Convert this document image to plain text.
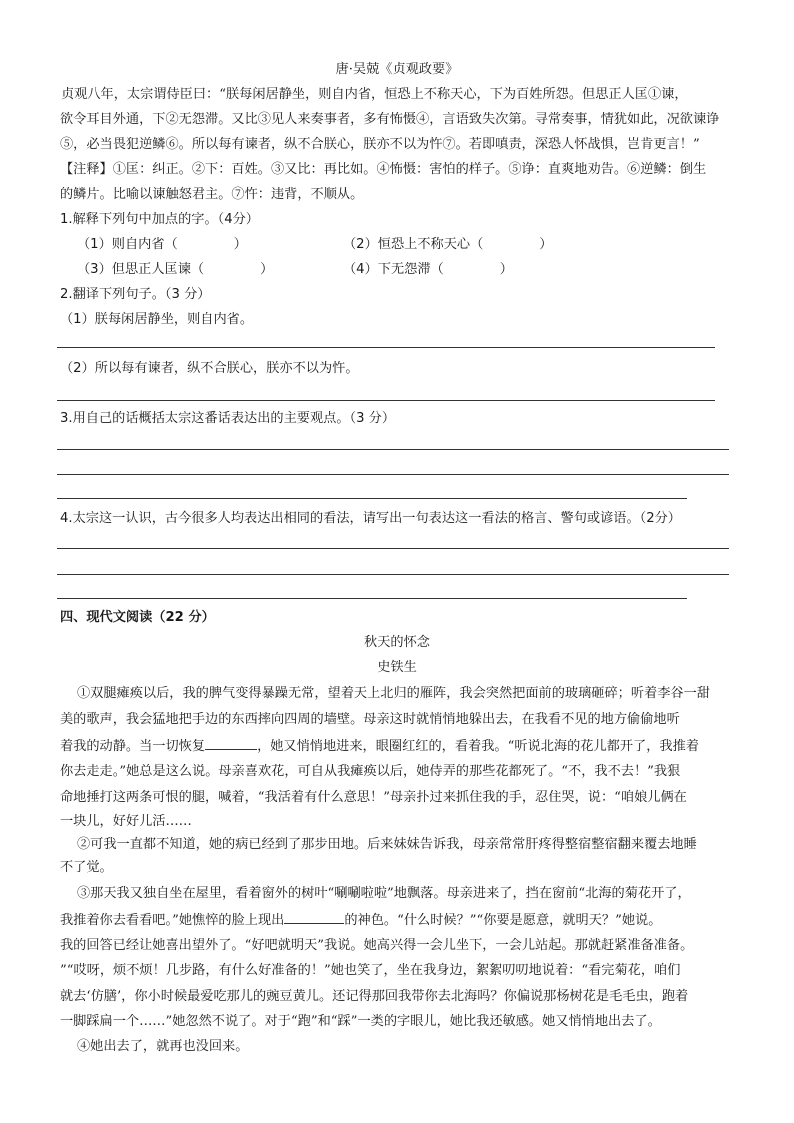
唐·吴兢《贞观政要》
贞观八年，太宗谓侍臣曰：“朕每闲居静坐，则自内省，恒恐上不称天心，下为百姓所怨。但思正人匡①谏，
欲令耳目外通，下②无怨滞。又比③见人来奏事者，多有怖慑④，言语致失次第。寻常奏事，情犹如此，况欲谏诤
⑤，必当畏犯逆鳞⑥。所以每有谏者，纵不合朕心，朕亦不以为忤⑦。若即嗔责，深恐人怀战惧，岂肯更言！”
【注释】①匡：纠正。②下：百姓。③又比：再比如。④怖慑：害怕的样子。⑤诤：直爽地劝告。⑥逆鳞：倒生
的鳞片。比喻以谏触怒君主。⑦忤：违背，不顺从。
1.解释下列句中加点的字。（4分）
（1）则自内省（	）	（2）恒恐上不称天心（	）
（3）但思正人匡谏（	）	（4）下无怨滞（	）
2.翻译下列句子。（3 分）
（1）朕每闲居静坐，则自内省。
（2）所以每有谏者，纵不合朕心，朕亦不以为忤。
3.用自己的话概括太宗这番话表达出的主要观点。（3 分）
4.太宗这一认识，古今很多人均表达出相同的看法，请写出一句表达这一看法的格言、警句或谚语。（2分）
四、现代文阅读（22 分）
秋天的怀念
史铁生
①双腿瘫痪以后，我的脾气变得暴躁无常，望着天上北归的雁阵，我会突然把面前的玻璃砸碎；听着李谷一甜
美的歌声，我会猛地把手边的东西摔向四周的墙壁。母亲这时就悄悄地躲出去，在我看不见的地方偷偷地听
着我的动静。当一切恢复	，她又悄悄地进来，眼圈红红的，看着我。“听说北海的花儿都开了，我推着
你去走走。”她总是这么说。母亲喜欢花，可自从我瘫痪以后，她侍弄的那些花都死了。“不，我不去！”我狠
命地捶打这两条可恨的腿，喊着，“我活着有什么意思！”母亲扑过来抓住我的手，忍住哭，说：“咱娘儿俩在
一块儿，好好儿活……
②可我一直都不知道，她的病已经到了那步田地。后来妹妹告诉我，母亲常常肝疼得整宿整宿翻来覆去地睡
不了觉。
③那天我又独自坐在屋里，看着窗外的树叶“唰唰啦啦”地飘落。母亲进来了，挡在窗前“北海的菊花开了，
我推着你去看看吧。”她憔悴的脸上现出	的神色。“什么时候？”“你要是愿意，就明天？”她说。
我的回答已经让她喜出望外了。“好吧就明天”我说。她高兴得一会儿坐下，一会儿站起。那就赶紧准备准备。
”“哎呀，烦不烦！几步路，有什么好准备的！”她也笑了，坐在我身边，絮絮叨叨地说着：“看完菊花，咱们
就去‘仿膳’，你小时候最爱吃那儿的豌豆黄儿。还记得那回我带你去北海吗？你偏说那杨树花是毛毛虫，跑着
一脚踩扁一个……”她忽然不说了。对于“跑”和“踩”一类的字眼儿，她比我还敏感。她又悄悄地出去了。
④她出去了，就再也没回来。
